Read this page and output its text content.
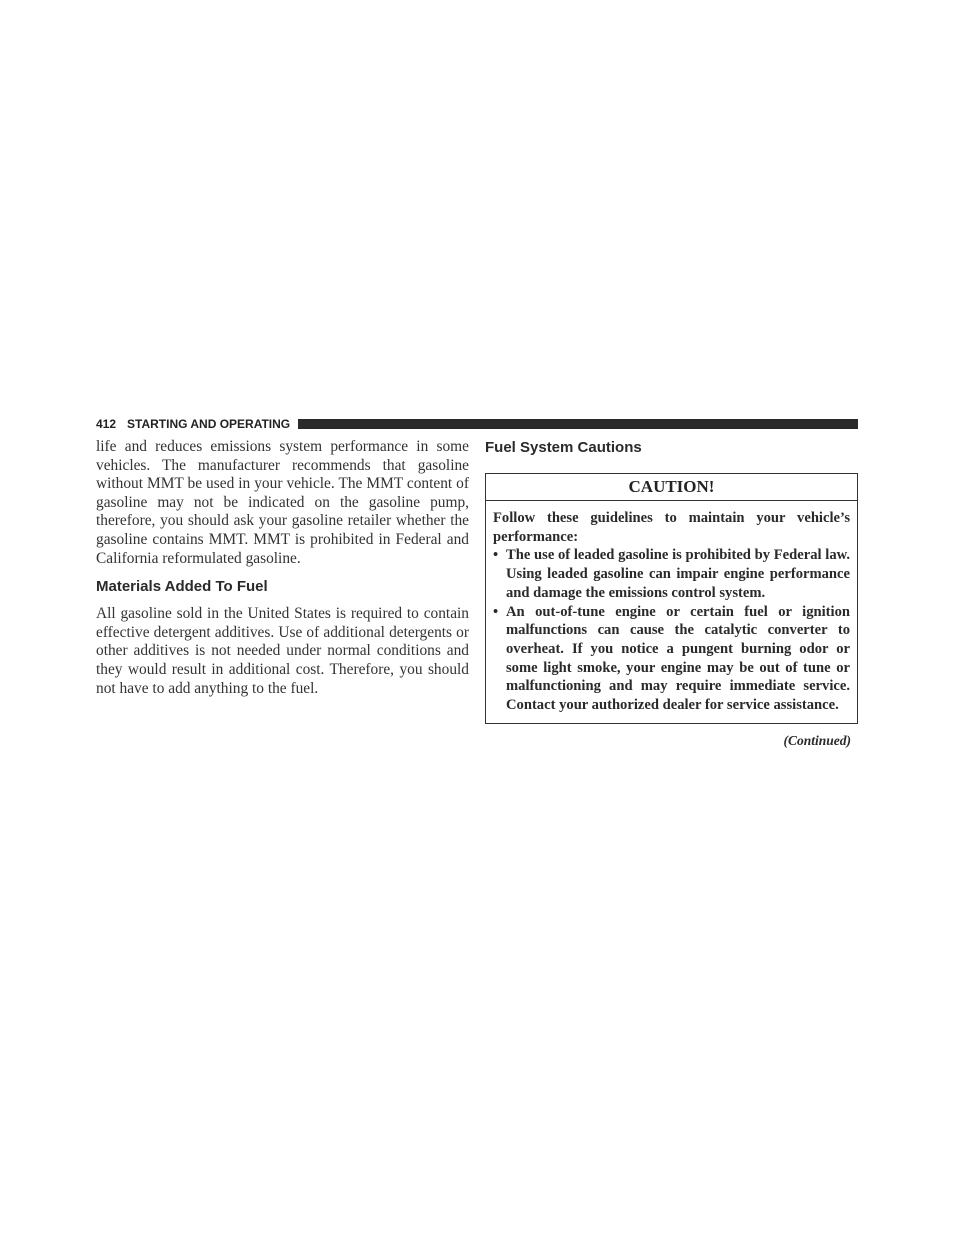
412 STARTING AND OPERATING

life and reduces emissions system performance in some vehicles. The manufacturer recommends that gasoline without MMT be used in your vehicle. The MMT content of gasoline may not be indicated on the gasoline pump, therefore, you should ask your gasoline retailer whether the gasoline contains MMT. MMT is prohibited in Federal and California reformulated gasoline.

Materials Added To Fuel

All gasoline sold in the United States is required to contain effective detergent additives. Use of additional detergents or other additives is not needed under normal conditions and they would result in additional cost. Therefore, you should not have to add anything to the fuel.

Fuel System Cautions
CAUTION!

Follow these guidelines to maintain your vehicle’s performance:

• The use of leaded gasoline is prohibited by Federal law. Using leaded gasoline can impair engine performance and damage the emissions control system.
• An out-of-tune engine or certain fuel or ignition malfunctions can cause the catalytic converter to overheat. If you notice a pungent burning odor or some light smoke, your engine may be out of tune or malfunctioning and may require immediate service. Contact your authorized dealer for service assistance.
(Continued)
